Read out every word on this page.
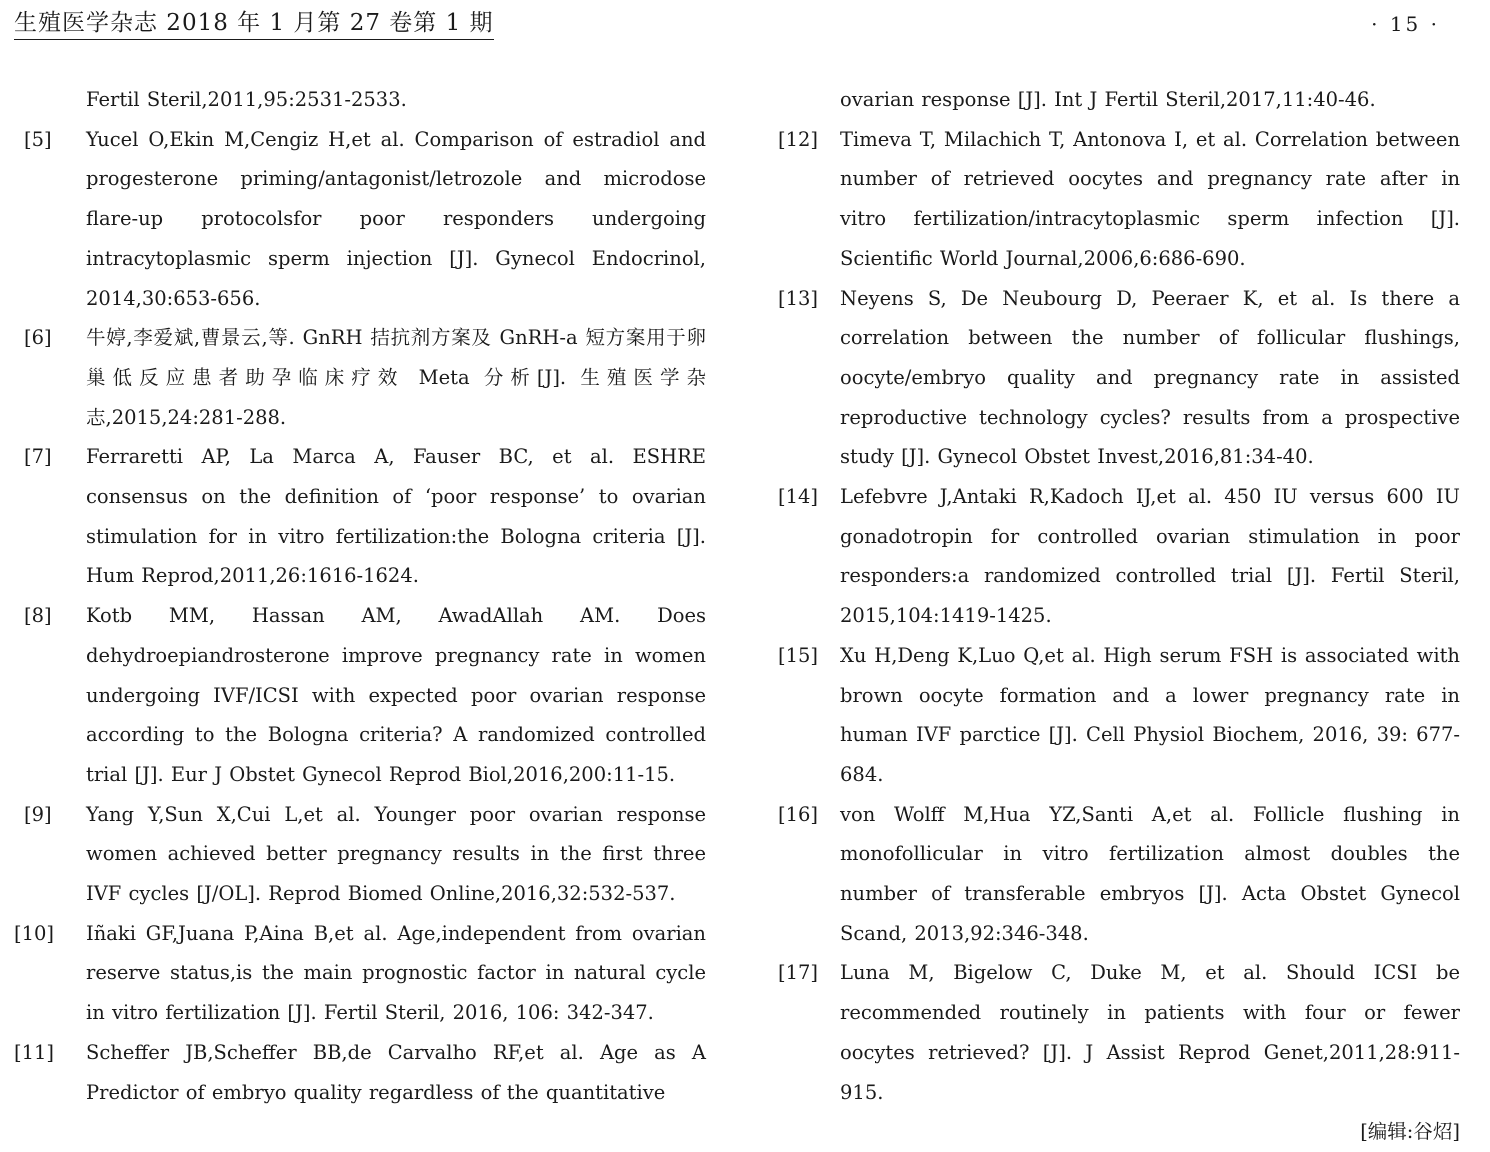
生殖医学杂志 2018 年 1 月第 27 卷第 1 期	· 15 ·
Fertil Steril,2011,95:2531-2533.
[5]	Yucel O,Ekin M,Cengiz H,et al. Comparison of estradiol and progesterone priming/antagonist/letrozole and microdose flare-up protocolsfor poor responders undergoing intracytoplasmic sperm injection [J]. Gynecol Endocrinol, 2014,30:653-656.
[6]	牛婷,李爱斌,曹景云,等. GnRH 拮抗剂方案及 GnRH-a 短方案用于卵巢低反应患者助孕临床疗效 Meta 分析[J]. 生殖医学杂志,2015,24:281-288.
[7]	Ferraretti AP, La Marca A, Fauser BC, et al. ESHRE consensus on the definition of ‘poor response’ to ovarian stimulation for in vitro fertilization:the Bologna criteria [J]. Hum Reprod,2011,26:1616-1624.
[8]	Kotb MM, Hassan AM, AwadAllah AM. Does dehydroepiandrosterone improve pregnancy rate in women undergoing IVF/ICSI with expected poor ovarian response according to the Bologna criteria? A randomized controlled trial [J]. Eur J Obstet Gynecol Reprod Biol,2016,200:11-15.
[9]	Yang Y,Sun X,Cui L,et al. Younger poor ovarian response women achieved better pregnancy results in the first three IVF cycles [J/OL]. Reprod Biomed Online,2016,32:532-537.
[10]	Iñaki GF,Juana P,Aina B,et al. Age,independent from ovarian reserve status,is the main prognostic factor in natural cycle in vitro fertilization [J]. Fertil Steril, 2016, 106: 342-347.
[11]	Scheffer JB,Scheffer BB,de Carvalho RF,et al. Age as A Predictor of embryo quality regardless of the quantitative
ovarian response [J]. Int J Fertil Steril,2017,11:40-46.
[12]	Timeva T, Milachich T, Antonova I, et al. Correlation between number of retrieved oocytes and pregnancy rate after in vitro fertilization/intracytoplasmic sperm infection [J]. Scientific World Journal,2006,6:686-690.
[13]	Neyens S, De Neubourg D, Peeraer K, et al. Is there a correlation between the number of follicular flushings, oocyte/embryo quality and pregnancy rate in assisted reproductive technology cycles? results from a prospective study [J]. Gynecol Obstet Invest,2016,81:34-40.
[14]	Lefebvre J,Antaki R,Kadoch IJ,et al. 450 IU versus 600 IU gonadotropin for controlled ovarian stimulation in poor responders:a randomized controlled trial [J]. Fertil Steril, 2015,104:1419-1425.
[15]	Xu H,Deng K,Luo Q,et al. High serum FSH is associated with brown oocyte formation and a lower pregnancy rate in human IVF parctice [J]. Cell Physiol Biochem, 2016, 39: 677-684.
[16]	von Wolff M,Hua YZ,Santi A,et al. Follicle flushing in monofollicular in vitro fertilization almost doubles the number of transferable embryos [J]. Acta Obstet Gynecol Scand, 2013,92:346-348.
[17]	Luna M, Bigelow C, Duke M, et al. Should ICSI be recommended routinely in patients with four or fewer oocytes retrieved? [J]. J Assist Reprod Genet,2011,28:911-915.
[编辑:谷炤]
